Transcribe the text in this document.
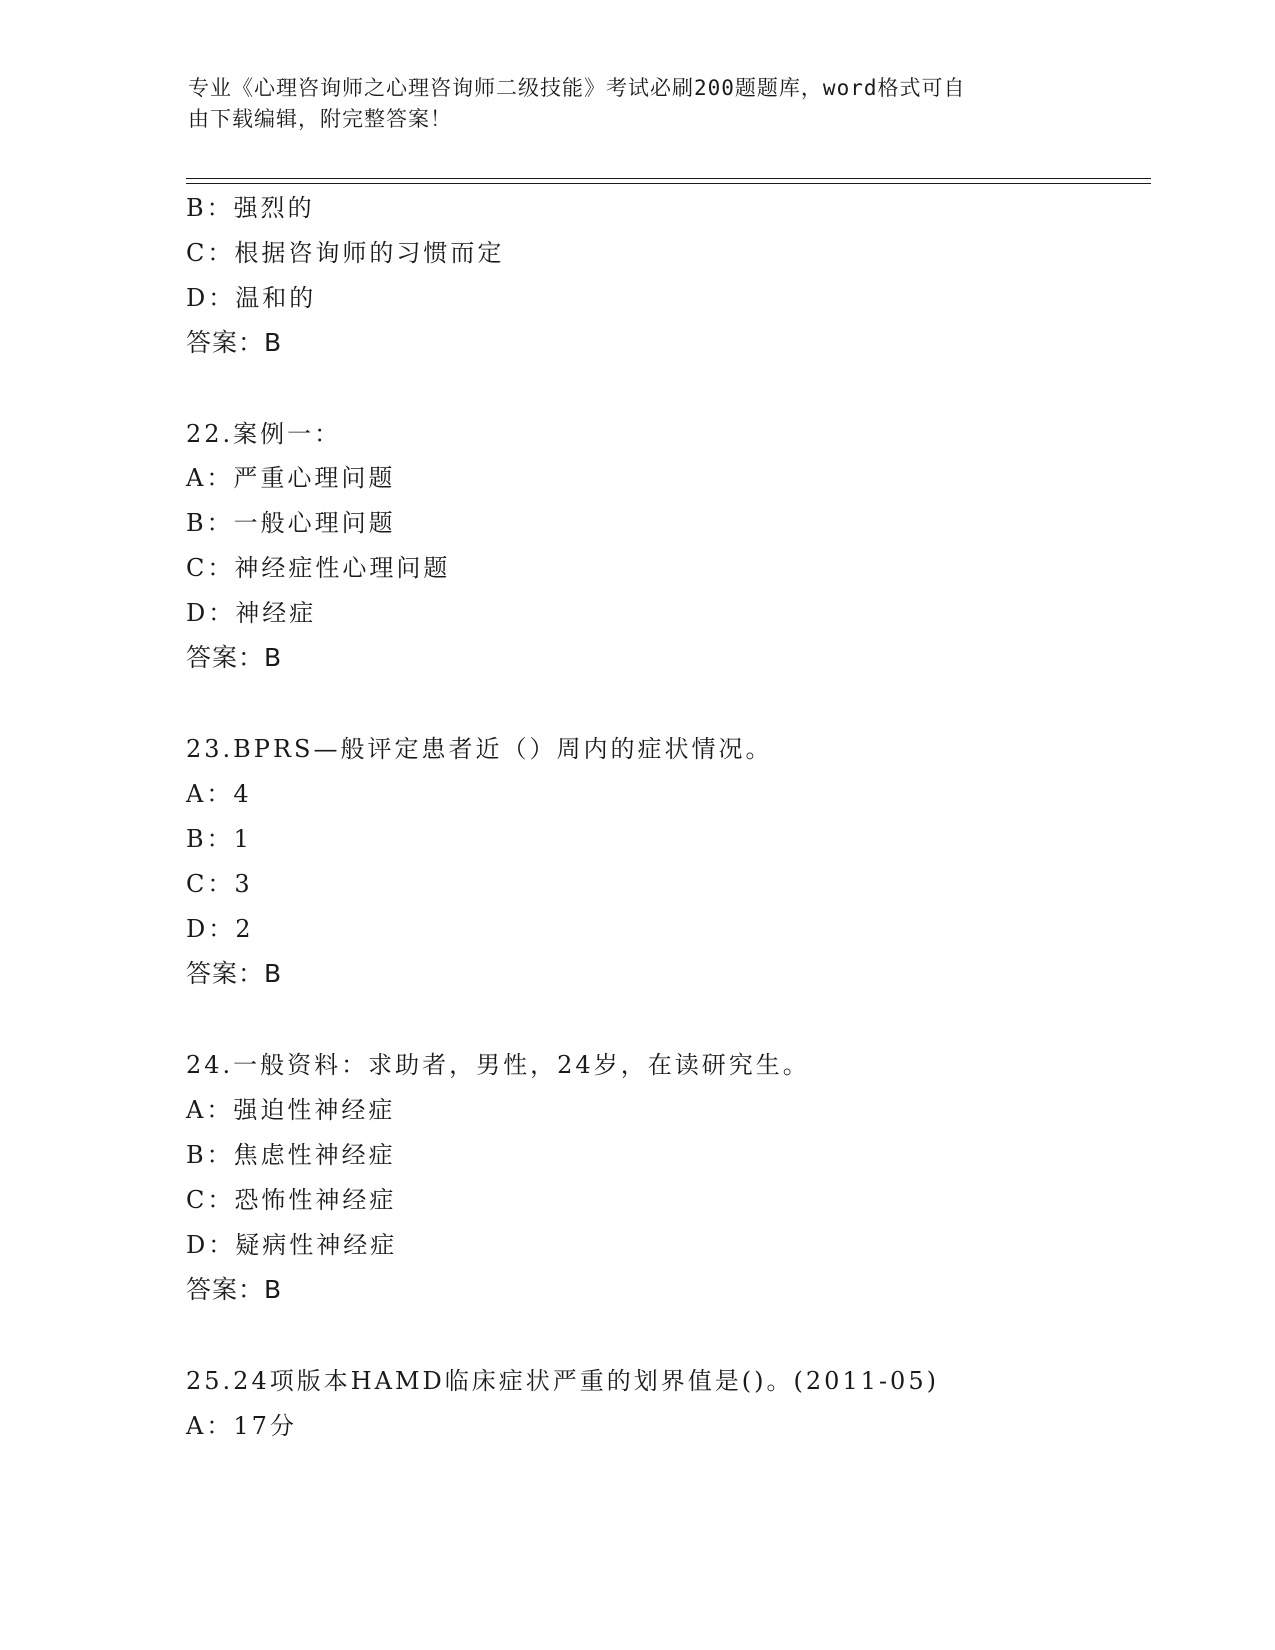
专业《心理咨询师之心理咨询师二级技能》考试必刷200题题库，word格式可自
由下载编辑，附完整答案！
B：强烈的
C：根据咨询师的习惯而定
D：温和的
答案：B
22.案例一：
A：严重心理问题
B：一般心理问题
C：神经症性心理问题
D：神经症
答案：B
23.BPRS—般评定患者近（）周内的症状情况。
A：4
B：1
C：3
D：2
答案：B
24.一般资料：求助者，男性，24岁，在读研究生。
A：强迫性神经症
B：焦虑性神经症
C：恐怖性神经症
D：疑病性神经症
答案：B
25.24项版本HAMD临床症状严重的划界值是()。(2011-05)
A：17分
